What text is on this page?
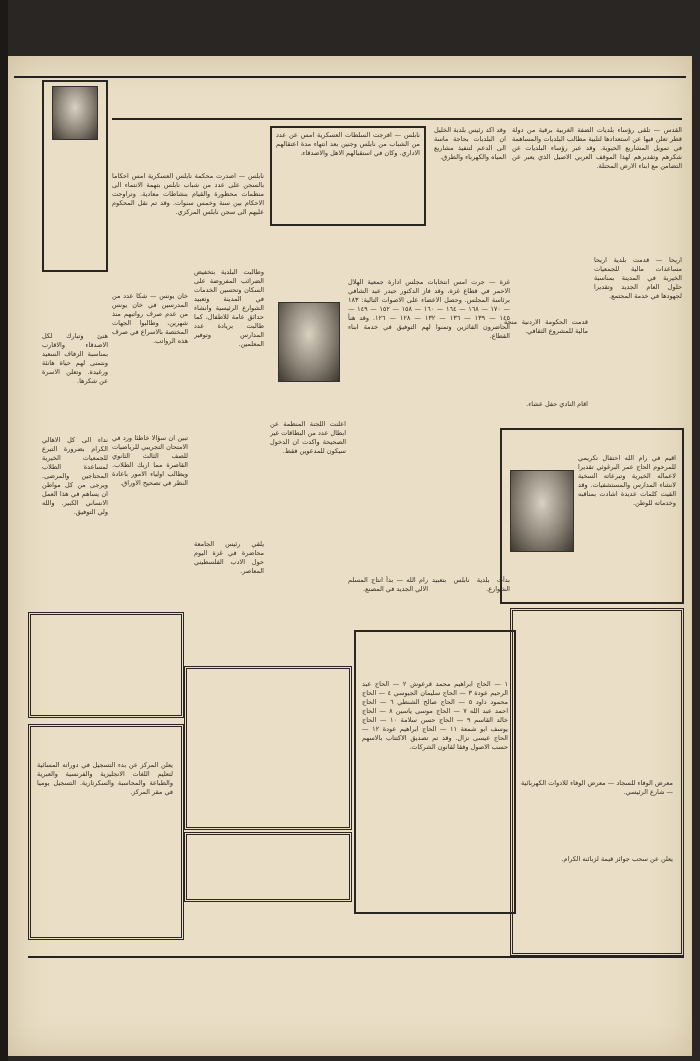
هنئ وتبارك لكل الاصدقاء والاقارب بمناسبة الزفاف السعيد ونتمنى لهم حياة هانئة ورغيدة. وتعلن الاسرة عن شكرها.
نداء الى كل الاهالي الكرام بضرورة التبرع للجمعيات الخيرية لمساعدة الطلاب المحتاجين والمرضى. ويرجى من كل مواطن ان يساهم في هذا العمل الانساني الكبير. والله ولي التوفيق.
نابلس — اصدرت محكمة نابلس العسكرية امس احكاما بالسجن على عدد من شباب نابلس بتهمة الانتماء الى منظمات محظورة والقيام بنشاطات معادية. وتراوحت الاحكام بين سنة وخمس سنوات. وقد تم نقل المحكوم عليهم الى سجن نابلس المركزي.
خان يونس — شكا عدد من المدرسين في خان يونس من عدم صرف رواتبهم منذ شهرين، وطالبوا الجهات المختصة بالاسراع في صرف هذه الرواتب.
تبين ان سؤالا خاطئا ورد في الامتحان التجريبي للرياضيات للصف الثالث الثانوي القاصرة مما اربك الطلاب. ويطالب اولياء الامور باعادة النظر في تصحيح الاوراق.
وطالبت البلدية بتخفيض الضرائب المفروضة على السكان وتحسين الخدمات في المدينة وتعبيد الشوارع الرئيسية وانشاء حدائق عامة للاطفال، كما طالبت بزيادة عدد المدارس وتوفير المعلمين.
يلقي رئيس الجامعة محاضرة في غزة اليوم حول الادب الفلسطيني المعاصر.
نابلس — افرجت السلطات العسكرية امس عن عدد من الشباب من نابلس وجنين بعد انتهاء مدة اعتقالهم الاداري. وكان في استقبالهم الاهل والاصدقاء.
غزة — جرت امس انتخابات مجلس ادارة جمعية الهلال الاحمر في قطاع غزة، وقد فاز الدكتور حيدر عبد الشافي برئاسة المجلس. وحصل الاعضاء على الاصوات التالية: ١٨٣ — ١٧٠ — ١٦٨ — ١٦٤ — ١٦٠ — ١٥٨ — ١٥٢ — ١٤٩ — ١٤٥ — ١٣٩ — ١٣٦ — ١٣٢ — ١٢٨ — ١٢٦. وقد هنأ الحاضرون الفائزين وتمنوا لهم التوفيق في خدمة ابناء القطاع.
اعلنت اللجنة المنظمة عن ابطال عدد من البطاقات غير الصحيحة واكدت ان الدخول سيكون للمدعوين فقط.
رام الله — بدأ انتاج المسلم الالي الجديد في المصنع.
بدأت بلدية نابلس بتعبيد الشوارع.
القدس — تلقى رؤساء بلديات الضفة الغربية برقية من دولة قطر تعلن فيها عن استعدادها لتلبية مطالب البلديات والمساهمة في تمويل المشاريع الحيوية. وقد عبر رؤساء البلديات عن شكرهم وتقديرهم لهذا الموقف العربي الاصيل الذي يعبر عن التضامن مع ابناء الارض المحتلة.
وقد اكد رئيس بلدية الخليل ان البلديات بحاجة ماسة الى الدعم لتنفيذ مشاريع المياه والكهرباء والطرق.
اريحا — قدمت بلدية اريحا مساعدات مالية للجمعيات الخيرية في المدينة بمناسبة حلول العام الجديد وتقديرا لجهودها في خدمة المجتمع.
قدمت الحكومة الاردنية منحة مالية للمشروع الثقافي.
اقام النادي حفل عشاء.
اقيم في رام الله احتفال تكريمي للمرحوم الحاج عمر البرغوثي تقديرا لاعماله الخيرية وتبرعاته السخية لانشاء المدارس والمستشفيات. وقد القيت كلمات عديدة اشادت بمناقبه وخدماته للوطن.
يعلن المركز عن بدء التسجيل في دوراته المسائية لتعليم اللغات الانجليزية والفرنسية والعبرية والطباعة والمحاسبة والسكرتارية. التسجيل يوميا في مقر المركز.
١ — الحاج ابراهيم محمد قرعوش ٢ — الحاج عبد الرحيم عودة ٣ — الحاج سليمان الجيوسي ٤ — الحاج محمود داود ٥ — الحاج صالح الشنطي ٦ — الحاج احمد عبد الله ٧ — الحاج موسى ياسين ٨ — الحاج خالد القاسم ٩ — الحاج حسن سلامة ١٠ — الحاج يوسف ابو شمعة ١١ — الحاج ابراهيم عودة ١٢ — الحاج عيسى نزال. وقد تم تصديق الاكتتاب بالاسهم حسب الاصول وفقا لقانون الشركات.
معرض الوفاء للسجاد — معرض الوفاء للادوات الكهربائية — شارع الرئيسي.
يعلن عن سحب جوائز قيمة لزبائنه الكرام.
